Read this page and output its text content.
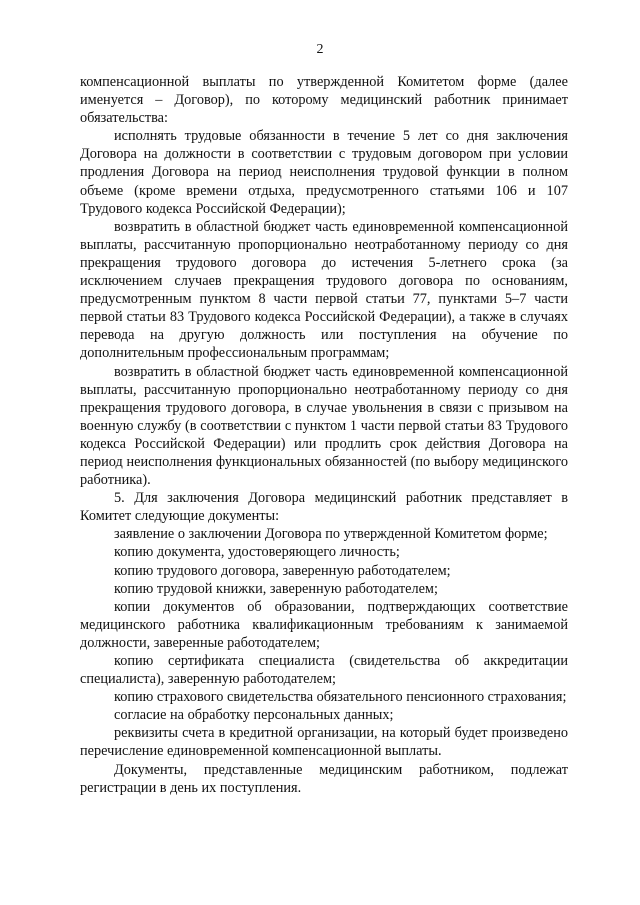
2

компенсационной выплаты по утвержденной Комитетом форме (далее именуется – Договор), по которому медицинский работник принимает обязательства:

исполнять трудовые обязанности в течение 5 лет со дня заключения Договора на должности в соответствии с трудовым договором при условии продления Договора на период неисполнения трудовой функции в полном объеме (кроме времени отдыха, предусмотренного статьями 106 и 107 Трудового кодекса Российской Федерации);

возвратить в областной бюджет часть единовременной компенсационной выплаты, рассчитанную пропорционально неотработанному периоду со дня прекращения трудового договора до истечения 5-летнего срока (за исключением случаев прекращения трудового договора по основаниям, предусмотренным пунктом 8 части первой статьи 77, пунктами 5–7 части первой статьи 83 Трудового кодекса Российской Федерации), а также в случаях перевода на другую должность или поступления на обучение по дополнительным профессиональным программам;

возвратить в областной бюджет часть единовременной компенсационной выплаты, рассчитанную пропорционально неотработанному периоду со дня прекращения трудового договора, в случае увольнения в связи с призывом на военную службу (в соответствии с пунктом 1 части первой статьи 83 Трудового кодекса Российской Федерации) или продлить срок действия Договора на период неисполнения функциональных обязанностей (по выбору медицинского работника).

5. Для заключения Договора медицинский работник представляет в Комитет следующие документы:

заявление о заключении Договора по утвержденной Комитетом форме;

копию документа, удостоверяющего личность;

копию трудового договора, заверенную работодателем;

копию трудовой книжки, заверенную работодателем;

копии документов об образовании, подтверждающих соответствие медицинского работника квалификационным требованиям к занимаемой должности, заверенные работодателем;

копию сертификата специалиста (свидетельства об аккредитации специалиста), заверенную работодателем;

копию страхового свидетельства обязательного пенсионного страхования;

согласие на обработку персональных данных;

реквизиты счета в кредитной организации, на который будет произведено перечисление единовременной компенсационной выплаты.

Документы, представленные медицинским работником, подлежат регистрации в день их поступления.
